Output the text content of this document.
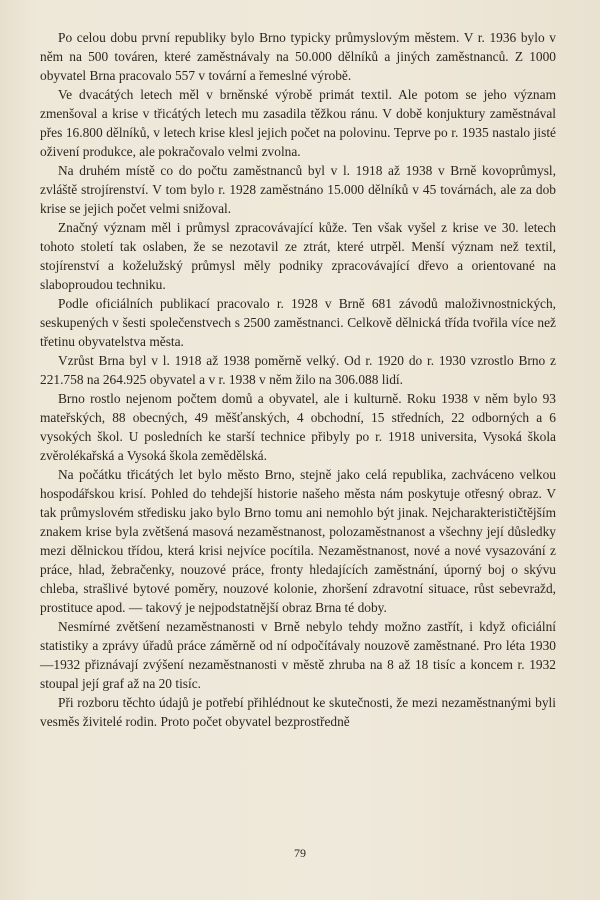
Po celou dobu první republiky bylo Brno typicky průmyslovým městem. V r. 1936 bylo v něm na 500 továren, které zaměstnávaly na 50.000 dělníků a jiných zaměstnanců. Z 1000 obyvatel Brna pracovalo 557 v tovární a řemeslné výrobě.

Ve dvacátých letech měl v brněnské výrobě primát textil. Ale potom se jeho význam zmenšoval a krise v třicátých letech mu zasadila těžkou ránu. V době konjuktury zaměstnával přes 16.800 dělníků, v letech krise klesl jejich počet na polovinu. Teprve po r. 1935 nastalo jisté oživení produkce, ale pokračovalo velmi zvolna.

Na druhém místě co do počtu zaměstnanců byl v l. 1918 až 1938 v Brně kovoprůmysl, zvláště strojírenství. V tom bylo r. 1928 zaměstnáno 15.000 dělníků v 45 továrnách, ale za dob krise se jejich počet velmi snižoval.

Značný význam měl i průmysl zpracovávající kůže. Ten však vyšel z krise ve 30. letech tohoto století tak oslaben, že se nezotavil ze ztrát, které utrpěl. Menší význam než textil, stojírenství a koželužský průmysl měly podniky zpracovávající dřevo a orientované na slaboproudou techniku.

Podle oficiálních publikací pracovalo r. 1928 v Brně 681 závodů maloživnostnických, seskupených v šesti společenstvech s 2500 zaměstnanci. Celkově dělnická třída tvořila více než třetinu obyvatelstva města.

Vzrůst Brna byl v l. 1918 až 1938 poměrně velký. Od r. 1920 do r. 1930 vzrostlo Brno z 221.758 na 264.925 obyvatel a v r. 1938 v něm žilo na 306.088 lidí.

Brno rostlo nejenom počtem domů a obyvatel, ale i kulturně. Roku 1938 v něm bylo 93 mateřských, 88 obecných, 49 měšťanských, 4 obchodní, 15 středních, 22 odborných a 6 vysokých škol. U posledních ke starší technice přibyly po r. 1918 universita, Vysoká škola zvěrolékařská a Vysoká škola zemědělská.

Na počátku třicátých let bylo město Brno, stejně jako celá republika, zachváceno velkou hospodářskou krisí. Pohled do tehdejší historie našeho města nám poskytuje otřesný obraz. V tak průmyslovém středisku jako bylo Brno tomu ani nemohlo být jinak. Nejcharakterističtějším znakem krise byla zvětšená masová nezaměstnanost, polozaměstnanost a všechny její důsledky mezi dělnickou třídou, která krisi nejvíce pocítila. Nezaměstnanost, nové a nové vysazování z práce, hlad, žebračenky, nouzové práce, fronty hledajících zaměstnání, úporný boj o skývu chleba, strašlivé bytové poměry, nouzové kolonie, zhoršení zdravotní situace, růst sebevražd, prostituce apod. — takový je nejpodstatnější obraz Brna té doby.

Nesmírné zvětšení nezaměstnanosti v Brně nebylo tehdy možno zastřít, i když oficiální statistiky a zprávy úřadů práce záměrně od ní odpočítávaly nouzově zaměstnané. Pro léta 1930—1932 přiznávají zvýšení nezaměstnanosti v městě zhruba na 8 až 18 tisíc a koncem r. 1932 stoupal její graf až na 20 tisíc.

Při rozboru těchto údajů je potřebí přihlédnout ke skutečnosti, že mezi nezaměstnanými byli vesměs živitelé rodin. Proto počet obyvatel bezprostředně

79
